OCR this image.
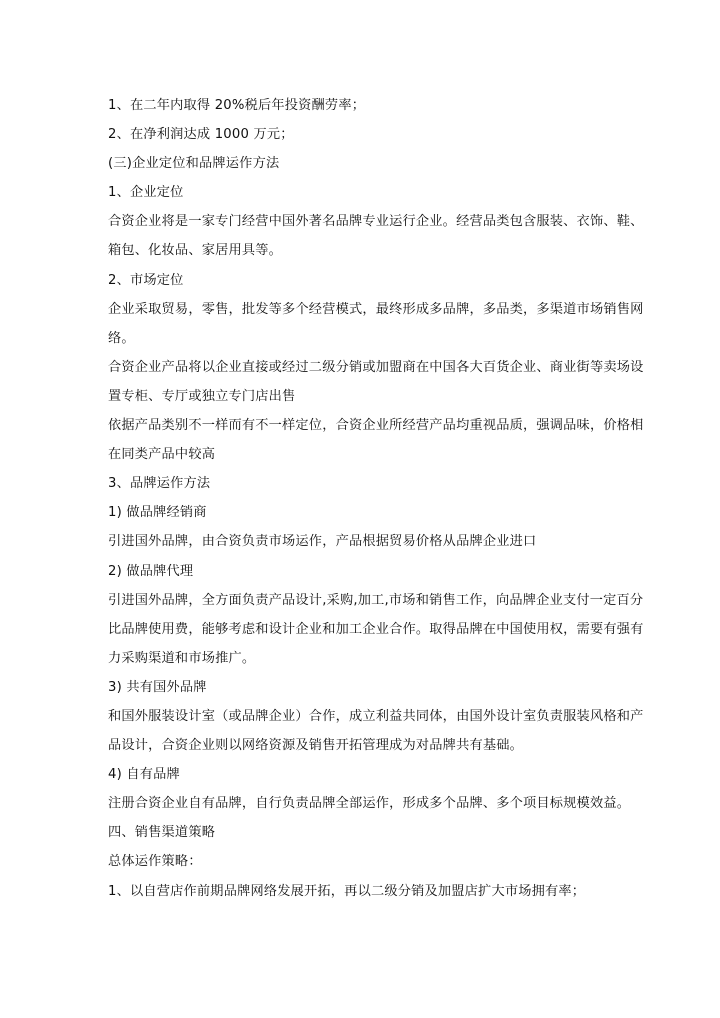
1、在二年内取得 20%税后年投资酬劳率；
2、在净利润达成 1000 万元；
(三)企业定位和品牌运作方法
1、企业定位
合资企业将是一家专门经营中国外著名品牌专业运行企业。经营品类包含服装、衣饰、鞋、
箱包、化妆品、家居用具等。
2、市场定位
企业采取贸易，零售，批发等多个经营模式，最终形成多品牌，多品类，多渠道市场销售网
络。
合资企业产品将以企业直接或经过二级分销或加盟商在中国各大百货企业、商业街等卖场设
置专柜、专厅或独立专门店出售
依据产品类别不一样而有不一样定位，合资企业所经营产品均重视品质，强调品味，价格相
在同类产品中较高
3、品牌运作方法
1) 做品牌经销商
引进国外品牌，由合资负责市场运作，产品根据贸易价格从品牌企业进口
2) 做品牌代理
引进国外品牌，全方面负责产品设计,采购,加工,市场和销售工作，向品牌企业支付一定百分
比品牌使用费，能够考虑和设计企业和加工企业合作。取得品牌在中国使用权，需要有强有
力采购渠道和市场推广。
3) 共有国外品牌
和国外服装设计室（或品牌企业）合作，成立利益共同体，由国外设计室负责服装风格和产
品设计，合资企业则以网络资源及销售开拓管理成为对品牌共有基础。
4) 自有品牌
注册合资企业自有品牌，自行负责品牌全部运作，形成多个品牌、多个项目标规模效益。
四、销售渠道策略
总体运作策略：
1、以自营店作前期品牌网络发展开拓，再以二级分销及加盟店扩大市场拥有率；
